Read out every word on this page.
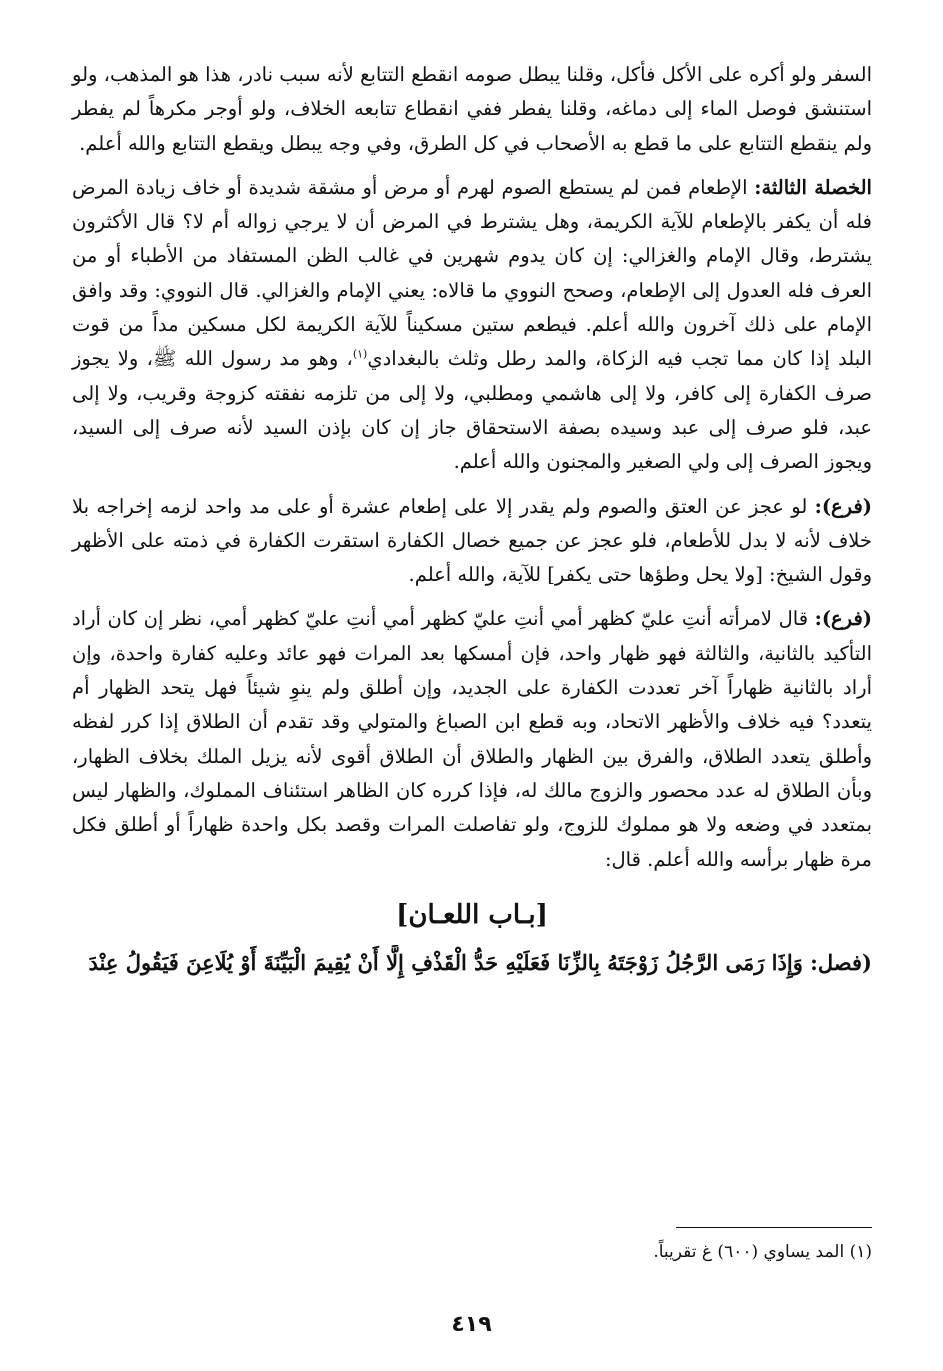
السفر ولو أكره على الأكل فأكل، وقلنا يبطل صومه انقطع التتابع لأنه سبب نادر، هذا هو المذهب، ولو استنشق فوصل الماء إلى دماغه، وقلنا يفطر ففي انقطاع تتابعه الخلاف، ولو أوجر مكرهاً لم يفطر ولم ينقطع التتابع على ما قطع به الأصحاب في كل الطرق، وفي وجه يبطل ويقطع التتابع والله أعلم.

الخصلة الثالثة: الإطعام فمن لم يستطع الصوم لهرم أو مرض أو مشقة شديدة أو خاف زيادة المرض فله أن يكفر بالإطعام للآية الكريمة، وهل يشترط في المرض أن لا يرجي زواله أم لا؟ قال الأكثرون يشترط، وقال الإمام والغزالي: إن كان يدوم شهرين في غالب الظن المستفاد من الأطباء أو من العرف فله العدول إلى الإطعام، وصحح النووي ما قالاه: يعني الإمام والغزالي. قال النووي: وقد وافق الإمام على ذلك آخرون والله أعلم. فيطعم ستين مسكيناً للآية الكريمة لكل مسكين مداً من قوت البلد إذا كان مما تجب فيه الزكاة، والمد رطل وثلث بالبغدادي$^{(١)}$، وهو مد رسول الله ﷺ، ولا يجوز صرف الكفارة إلى كافر، ولا إلى هاشمي ومطلبي، ولا إلى من تلزمه نفقته كزوجة وقريب، ولا إلى عبد، فلو صرف إلى عبد وسيده بصفة الاستحقاق جاز إن كان بإذن السيد لأنه صرف إلى السيد، ويجوز الصرف إلى ولي الصغير والمجنون والله أعلم.

(فرع): لو عجز عن العتق والصوم ولم يقدر إلا على إطعام عشرة أو على مد واحد لزمه إخراجه بلا خلاف لأنه لا بدل للأطعام، فلو عجز عن جميع خصال الكفارة استقرت الكفارة في ذمته على الأظهر وقول الشيخ: [ولا يحل وطؤها حتى يكفر] للآية، والله أعلم.

(فرع): قال لامرأته أنتِ عليّ كظهر أمي أنتِ عليّ كظهر أمي أنتِ عليّ كظهر أمي، نظر إن كان أراد التأكيد بالثانية، والثالثة فهو ظهار واحد، فإن أمسكها بعد المرات فهو عائد وعليه كفارة واحدة، وإن أراد بالثانية ظهاراً آخر تعددت الكفارة على الجديد، وإن أطلق ولم ينوِ شيئاً فهل يتحد الظهار أم يتعدد؟ فيه خلاف والأظهر الاتحاد، وبه قطع ابن الصباغ والمتولي وقد تقدم أن الطلاق إذا كرر لفظه وأطلق يتعدد الطلاق، والفرق بين الظهار والطلاق أن الطلاق أقوى لأنه يزيل الملك بخلاف الظهار، وبأن الطلاق له عدد محصور والزوج مالك له، فإذا كرره كان الظاهر استئناف المملوك، والظهار ليس بمتعدد في وضعه ولا هو مملوك للزوج، ولو تفاصلت المرات وقصد بكل واحدة ظهاراً أو أطلق فكل مرة ظهار برأسه والله أعلم. قال:

[بـاب اللعـان]

(فصل: وَإِذَا رَمَى الرَّجُلُ زَوْجَتَهُ بِالزِّنَا فَعَلَيْهِ حَدُّ الْقَذْفِ إِلَّا أَنْ يُقِيمَ الْبَيِّنَةَ أَوْ يُلَاعِنَ فَيَقُولُ عِنْدَ

(١) المد يساوي (٦٠٠) غ تقريباً.
٤١٩
